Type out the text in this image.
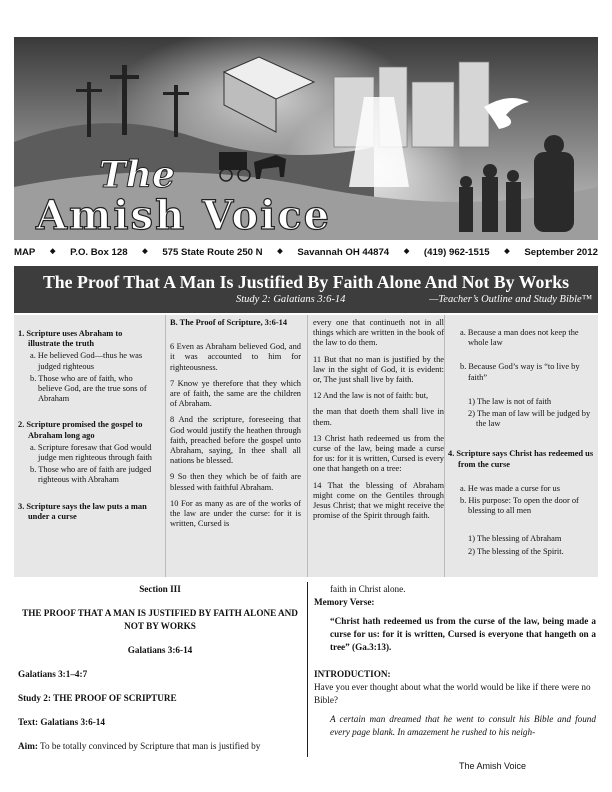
The
Amish Voice
MAP ◆ P.O. Box 128 ◆ 575 State Route 250 N ◆ Savannah OH 44874 ◆ (419) 962-1515 ◆ September 2012
The Proof That A Man Is Justified By Faith Alone And Not By Works
Study 2: Galatians 3:6-14	—Teacher’s Outline and Study Bible™
1. Scripture uses Abraham to illustrate the truth
a. He believed God—thus he was judged righteous
b. Those who are of faith, who believe God, are the true sons of Abraham
2. Scripture promised the gospel to Abraham long ago
a. Scripture foresaw that God would judge men righteous through faith
b. Those who are of faith are judged righteous with Abraham
3. Scripture says the law puts a man under a curse
B. The Proof of Scripture, 3:6-14
6 Even as Abraham believed God, and it was accounted to him for righteousness.
7 Know ye therefore that they which are of faith, the same are the children of Abraham.
8 And the scripture, foreseeing that God would justify the heathen through faith, preached before the gospel unto Abraham, saying, In thee shall all nations be blessed.
9 So then they which be of faith are blessed with faithful Abraham.
10 For as many as are of the works of the law are under the curse: for it is written, Cursed is
every one that continueth not in all things which are written in the book of the law to do them.
11 But that no man is justified by the law in the sight of God, it is evident: or, The just shall live by faith.
12 And the law is not of faith: but,
the man that doeth them shall live in them.
13 Christ hath redeemed us from the curse of the law, being made a curse for us: for it is written, Cursed is every one that hangeth on a tree:
14 That the blessing of Abraham might come on the Gentiles through Jesus Christ; that we might receive the promise of the Spirit through faith.
a. Because a man does not keep the whole law
b. Because God’s way is “to live by faith”
1) The law is not of faith
2) The man of law will be judged by the law
4. Scripture says Christ has redeemed us from the curse
a. He was made a curse for us
b. His purpose: To open the door of blessing to all men
1) The blessing of Abraham
2) The blessing of the Spirit.
Section III
THE PROOF THAT A MAN IS JUSTIFIED BY FAITH ALONE AND NOT BY WORKS
Galatians 3:6-14
Galatians 3:1–4:7
Study 2: THE PROOF OF SCRIPTURE
Text: Galatians 3:6-14
Aim: To be totally convinced by Scripture that man is justified by
faith in Christ alone.
Memory Verse:
“Christ hath redeemed us from the curse of the law, being made a curse for us: for it is written, Cursed is everyone that hangeth on a tree” (Ga.3:13).
INTRODUCTION:
Have you ever thought about what the world would be like if there were no Bible?
A certain man dreamed that he went to consult his Bible and found every page blank. In amazement he rushed to his neigh-
The Amish Voice
